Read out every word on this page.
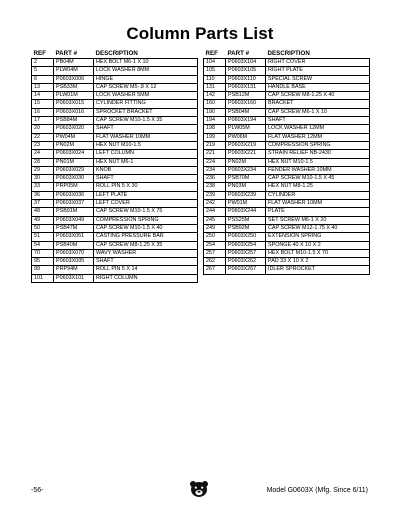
Column Parts List
REF	PART #	DESCRIPTION
2	PB04M	HEX BOLT M6-1 X 10
5	PLW04M	LOCK WASHER 8MM
6	P0603X006	HINGE
13	PSB33M	CAP SCREW M5-.8 X 12
14	PLW01M	LOCK WASHER 5MM
15	P0603X015	CYLINDER FITTING
16	P0603X016	SPROCKET BRACKET
17	PSB84M	CAP SCREW M10-1.5 X 35
20	P0603X020	SHAFT
22	PW04M	FLAT WASHER 10MM
23	PN02M	HEX NUT M10-1.5
24	P0603X024	LEFT COLUMN
28	PN01M	HEX NUT M6-1
29	P0603X029	KNOB
30	P0603X030	SHAFT
33	PRP05M	ROLL PIN 5 X 30
36	P0603X036	LEFT PLATE
37	P0603X037	LEFT COVER
48	PSB91M	CAP SCREW M10-1.5 X 75
49	P0603X049	COMPRESSION SPRING
50	PSB47M	CAP SCREW M10-1.5 X 40
51	P0603X051	CASTING PRESSURE BAR
54	PSB40M	CAP SCREW M8-1.25 X 35
70	P0603X070	WAVY WASHER
95	P0603X095	SHAFT
99	PRP94M	ROLL PIN 5 X 14
101	P0603X101	RIGHT COLUMN
REF	PART #	DESCRIPTION
104	P0603X104	RIGHT COVER
105	P0603X105	RIGHT PLATE
110	P0603X110	SPECIAL SCREW
131	P0603X131	HANDLE BASE
142	PSB12M	CAP SCREW M8-1.25 X 40
160	P0603X160	BRACKET
190	PSB04M	CAP SCREW M6-1 X 10
194	P0603X194	SHAFT
198	PLW05M	LOCK WASHER 12MM
199	PW06M	FLAT WASHER 12MM
219	P0603X219	COMPRESSION SPRING
221	P0603X221	STRAIN RELIEF NB-2430
224	PN02M	HEX NUT M10-1.5
234	P0603X234	FENDER WASHER 10MM
236	PSB70M	CAP SCREW M10-1.5 X 45
238	PN03M	HEX NUT M8-1.25
239	P0603X239	CYLINDER
242	PW01M	FLAT WASHER 10MM
244	P0603X244	PLATE
245	PSS25M	SET SCREW M6-1 X 20
249	PSB92M	CAP SCREW M12-1.75 X 40
250	P0603X250	EXTENSION SPRING
254	P0603X254	SPONGE 40 X 10 X 2
257	P0603X257	HEX BOLT M10-1.5 X 70
262	P0603X262	PAD 33 X 10 X 2
267	P0603X267	IDLER SPROCKET
-56-	Model G0603X (Mfg. Since 6/11)
